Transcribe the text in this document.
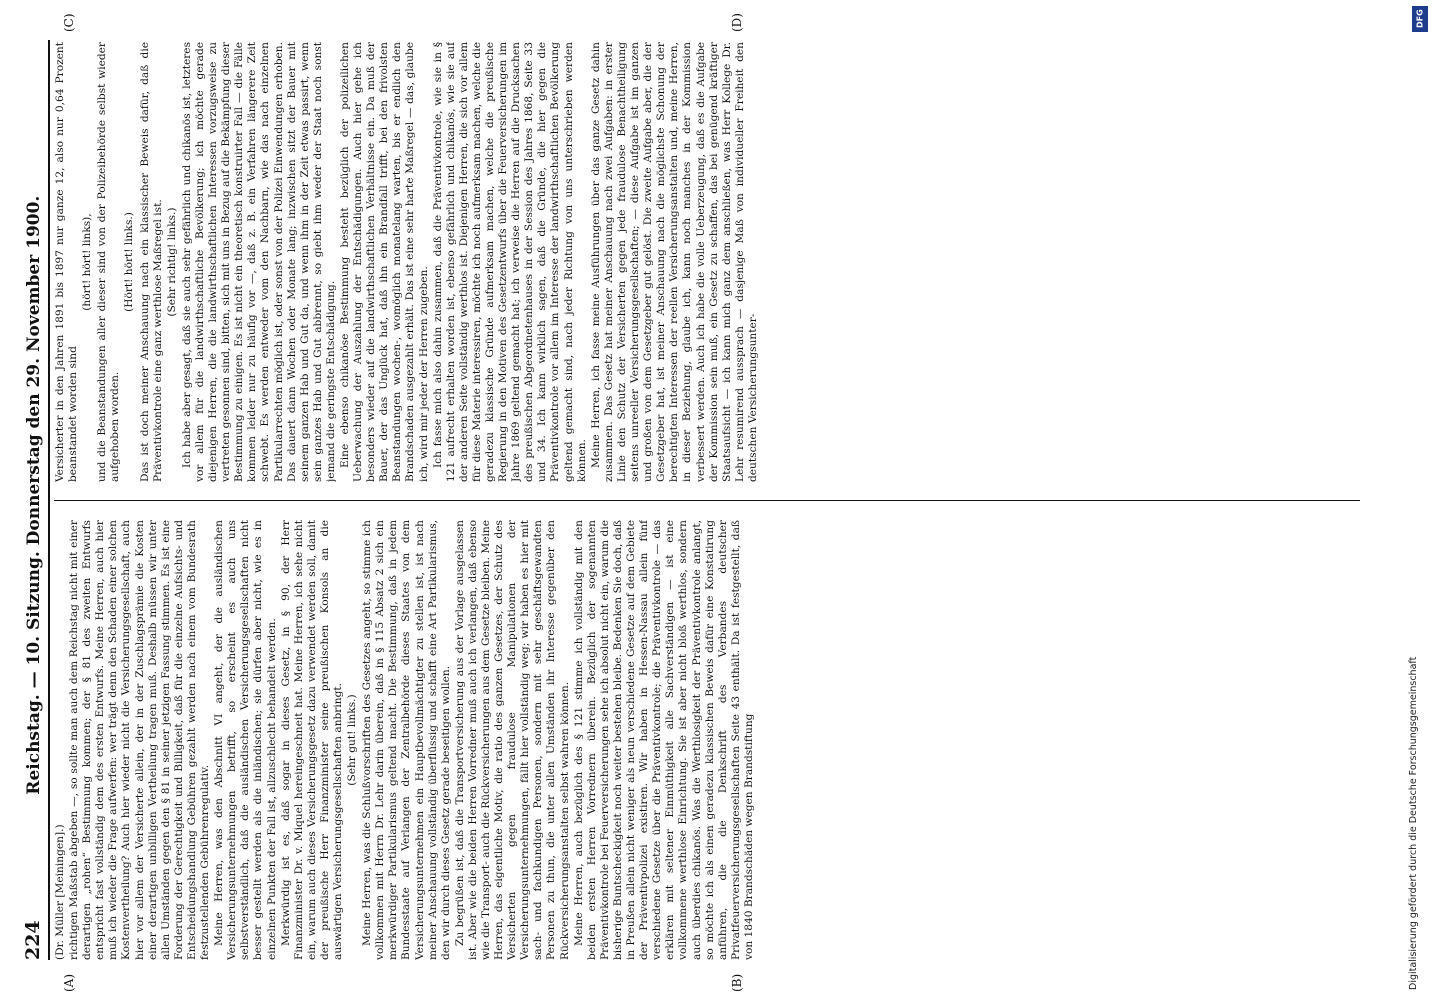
224
Reichstag. — 10. Sitzung. Donnerstag den 29. November 1900.
(A)	(B)
(C)	(D)

(Dr. Müller [Meiningen].) richtigen Maßstab abgeben —, so sollte man auch dem Reichstag nicht mit einer derartigen „rohen“ Bestimmung kommen; der § 81 des zweiten Entwurfs entspricht fast vollständig dem des ersten Entwurfs. Meine Herren, auch hier muß ich wieder die Frage aufwerfen: wer trägt denn den Schaden einer solchen Kostenvertheilung? Auch hier wieder nicht die Versicherungsgesellschaft, auch hier vor allem der Versicherte allein, der in der Zuschlagsprämie die Kosten einer derartigen unbilligen Vertheilung tragen muß. Deshalb müssen wir unter allen Umständen gegen den § 81 in seiner jetzigen Fassung stimmen. Es ist eine Forderung der Gerechtigkeit und Billigkeit, daß für die einzelne Aufsichts- und Entscheidungshandlung Gebühren gezahlt werden nach einem vom Bundesrath festzustellenden Gebührenregulativ. Meine Herren, was den Abschnitt VI angeht, der die ausländischen Versicherungsunternehmungen betrifft, so erscheint es auch uns selbstverständlich, daß die ausländischen Versicherungsgesellschaften nicht besser gestellt werden als die inländischen; sie dürfen aber nicht, wie es in einzelnen Punkten der Fall ist, allzuschlecht behandelt werden. Merkwürdig ist es, daß sogar in dieses Gesetz, in § 90, der Herr Finanzminister Dr. v. Miquel hereingeschneit hat. Meine Herren, ich sehe nicht ein, warum auch dieses Versicherungsgesetz dazu verwendet werden soll, damit der preußische Herr Finanzminister seine preußischen Konsols an die auswärtigen Versicherungsgesellschaften anbringt. (Sehr gut! links.) Meine Herren, was die Schlußvorschriften des Gesetzes angeht, so stimme ich vollkommen mit Herrn Dr. Lehr darin überein, daß in § 115 Absatz 2 sich ein merkwürdiger Partikularismus geltend macht. Die Bestimmung, daß in jedem Bundesstaate auf Verlangen der Zentralbehörde dieses Staates von dem Versicherungsunternehmen ein Hauptbevollmächtigter zu stellen ist, ist nach meiner Anschauung vollständig überflüssig und schafft eine Art Partikularismus, den wir durch dieses Gesetz gerade beseitigen wollen. Zu begrüßen ist, daß die Transportversicherung aus der Vorlage ausgelassen ist. Aber wie die beiden Herren Vorredner muß auch ich verlangen, daß ebenso wie die Transport- auch die Rückversicherungen aus dem Gesetze bleiben. Meine Herren, das eigentliche Motiv, die ratio des ganzen Gesetzes, der Schutz des Versicherten gegen fraudulose Manipulationen der Versicherungsunternehmungen, fällt hier vollständig weg; wir haben es hier mit sach- und fachkundigen Personen, sondern mit sehr geschäftsgewandten Personen zu thun, die unter allen Umständen ihr Interesse gegenüber den Rückversicherungsanstalten selbst wahren können. Meine Herren, auch bezüglich des § 121 stimme ich vollständig mit den beiden ersten Herren Vorrednern überein. Bezüglich der sogenannten Präventivkontrole bei Feuerversicherungen sehe ich absolut nicht ein, warum die bisherige Buntscheckigkeit noch weiter bestehen bleibe. Bedenken Sie doch, daß in Preußen allein nicht weniger als neun verschiedene Gesetze auf dem Gebiete der Präventivpolizei existiren. Wir haben in Hessen-Nassau allein fünf verschiedene Gesetze über die Präventivkontrole; die Präventivkontrole — das erklären mit seltener Einmüthigkeit alle Sachverständigen — ist eine vollkommene werthlose Einrichtung. Sie ist aber nicht bloß werthlos, sondern auch überdies chikanös. Was die Werthlosigkeit der Präventivkontrole anlangt, so möchte ich als einen geradezu klassischen Beweis dafür eine Konstatirung anführen, die die Denkschrift des Verbandes deutscher Privatfeuerversicherungsgesellschaften Seite 43 enthält. Da ist festgestellt, daß von 1840 Brandschäden wegen Brandstiftung

Versicherter in den Jahren 1891 bis 1897 nur ganze 12, also nur 0,64 Prozent beanstandet worden sind

(hört! hört! links), und die Beanstandungen aller dieser sind von der Polizeibehörde selbst wieder aufgehoben worden.

(Hört! hört! links.) Das ist doch meiner Anschauung nach ein klassischer Beweis dafür, daß die Präventivkontrole eine ganz werthlose Maßregel ist. (Sehr richtig! links.) Ich habe aber gesagt, daß sie auch sehr gefährlich und chikanös ist, letzteres vor allem für die landwirthschaftliche Bevölkerung; ich möchte gerade diejenigen Herren, die die landwirthschaftlichen Interessen vorzugsweise zu vertreten gesonnen sind, bitten, sich mit uns in Bezug auf die Bekämpfung dieser Bestimmung zu einigen. Es ist nicht ein theoretisch konstruirter Fall — die Fälle kommen leider nur zu häufig vor —, daß z. B. ein Verfahren längerere Zeit schwebt. Es werden entweder vom den Nachbarn, wie das nach einzelnen Partikularrechten möglich ist, oder sonst von der Polizei Einwendungen erhoben. Das dauert dann Wochen oder Monate lang; inzwischen sitzt der Bauer mit seinem ganzen Hab und Gut da, und wenn ihm in der Zeit etwas passirt, wenn sein ganzes Hab und Gut abbrennt, so giebt ihm weder der Staat noch sonst jemand die geringste Entschädigung. Eine ebenso chikanöse Bestimmung besteht bezüglich der polizeilichen Ueberwachung der Auszahlung der Entschädigungen. Auch hier gehe ich besonders wieder auf die landwirthschaftlichen Verhältnisse ein. Da muß der Bauer, der das Unglück hat, daß ihn ein Brandfall trifft, bei den frivolsten Beanstandungen wochen-, womöglich monatelang warten, bis er endlich den Brandschaden ausgezahlt erhält. Das ist eine sehr harte Maßregel — das, glaube ich, wird mir jeder der Herren zugeben. Ich fasse mich also dahin zusammen, daß die Präventivkontrole, wie sie in § 121 aufrecht erhalten worden ist, ebenso gefährlich und chikanös, wie sie auf der anderen Seite vollständig werthlos ist. Diejenigen Herren, die sich vor allem für diese Materie interessiren, möchte ich noch aufmerksam machen, welche die geradezu klassische Gründe aufmerksam machen, welche die preußische Regierung in den Motiven des Gesetzentwurfs über die Feuerversicherungen im Jahre 1869 geltend gemacht hat; ich verweise die Herren auf die Drucksachen des preußischen Abgeordnetenhauses in der Session des Jahres 1868, Seite 33 und 34. Ich kann wirklich sagen, daß die Gründe, die hier gegen die Präventivkontrole vor allem im Interesse der landwirthschaftlichen Bevölkerung geltend gemacht sind, nach jeder Richtung von uns unterschrieben werden können. Meine Herren, ich fasse meine Ausführungen über das ganze Gesetz dahin zusammen. Das Gesetz hat meiner Anschauung nach zwei Aufgaben: in erster Linie den Schutz der Versicherten gegen jede fraudulose Benachtheiligung seitens unreeller Versicherungsgesellschaften; — diese Aufgabe ist im ganzen und großen von dem Gesetzgeber gut gelöst. Die zweite Aufgabe aber, die der Gesetzgeber hat, ist meiner Anschauung nach die möglichste Schonung der berechtigten Interessen der reellen Versicherungsanstalten und, meine Herren, in dieser Beziehung, glaube ich, kann noch manches in der Kommission verbessert werden. Auch ich habe die volle Ueberzeugung, daß es die Aufgabe der Kommission sein muß, ein Gesetz zu schaffen, das bei genügend kräftiger Staatsaufsicht — ich kann mich ganz dem anschließen, was Herr Kollege Dr. Lehr resumirend aussprach — dasjenige Maß von individueller Freiheit den deutschen Versicherungsunter-

DFG
Digitalisierung gefördert durch die Deutsche Forschungsgemeinschaft
